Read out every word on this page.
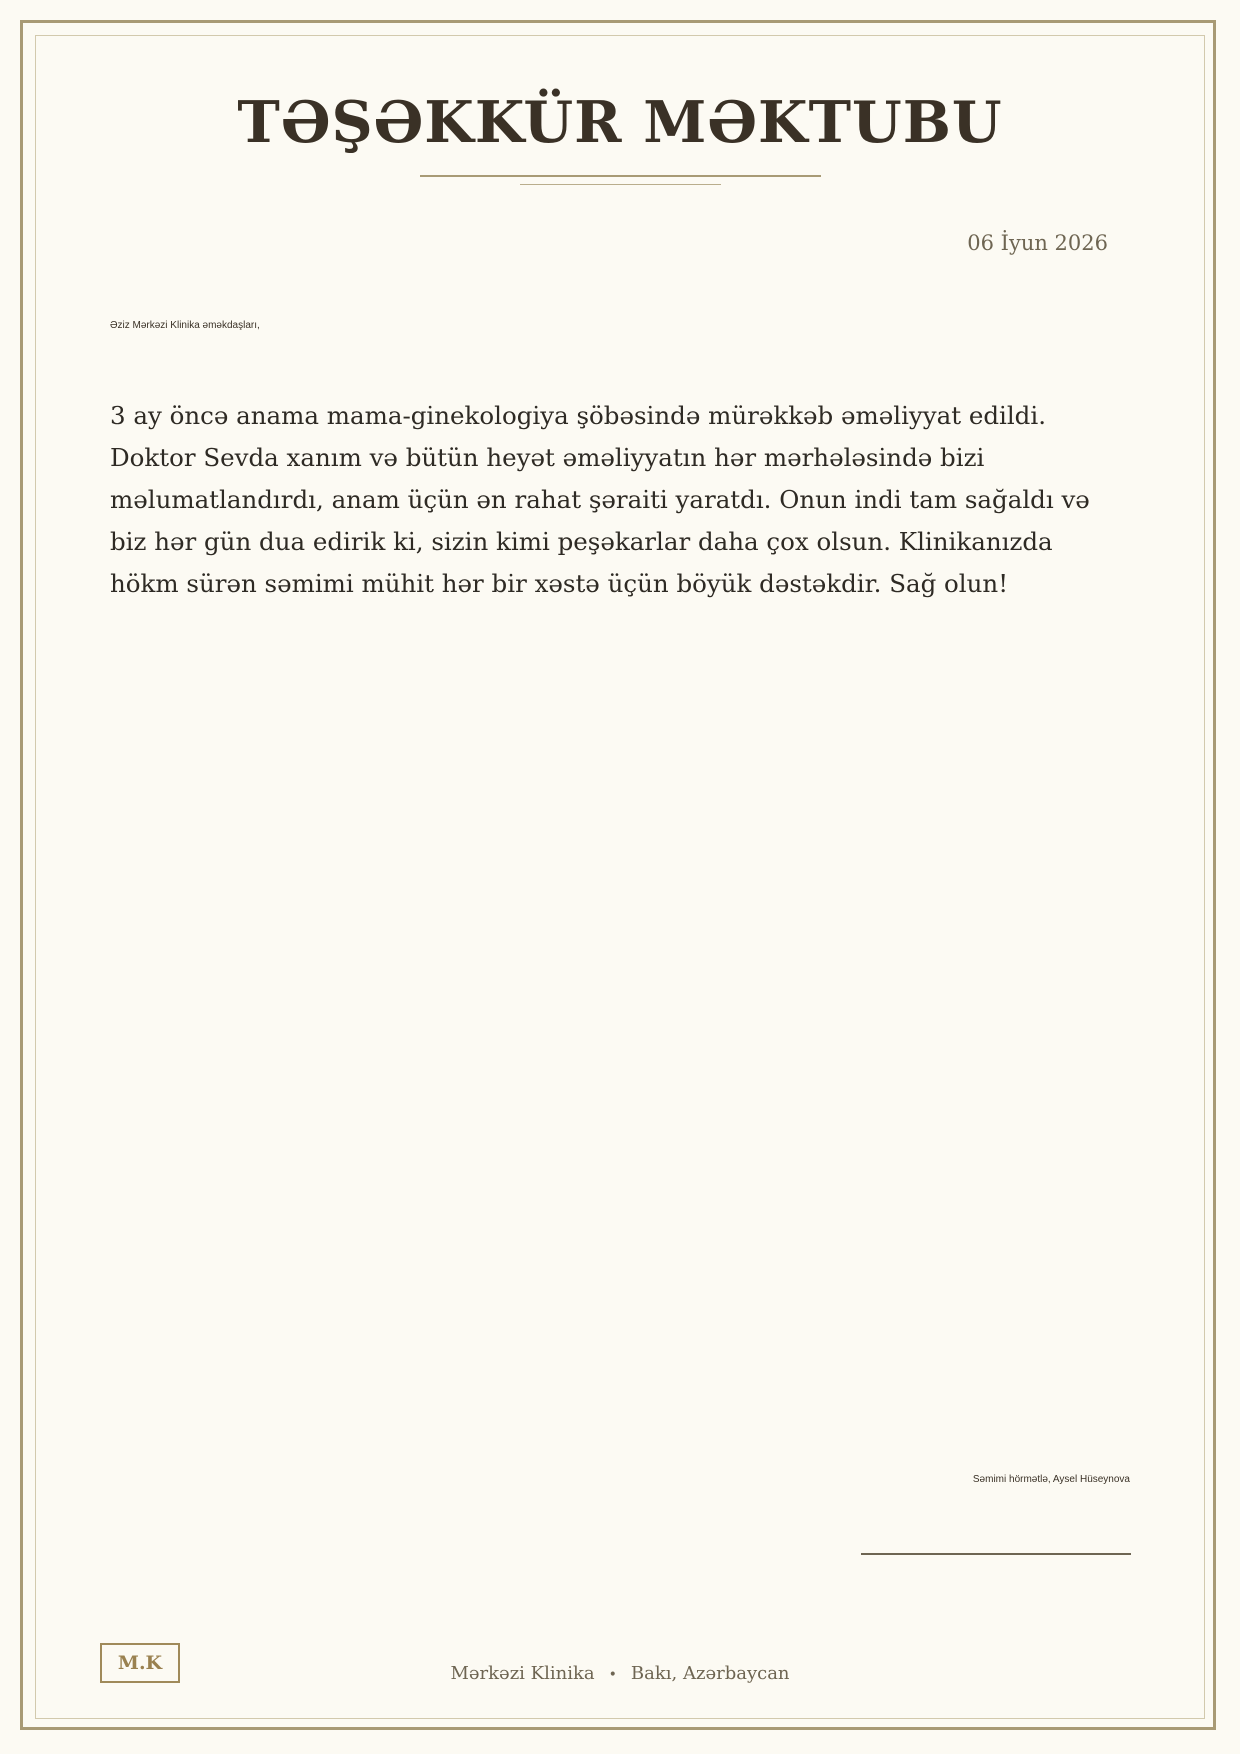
TƏŞƏKKÜR MƏKTUBU
06 İyun 2026
Əziz Mərkəzi Klinika əməkdaşları,

3 ay öncə anama mama-ginekologiya şöbəsində mürəkkəb əməliyyat edildi. Doktor Sevda xanım və bütün heyət əməliyyatın hər mərhələsində bizi məlumatlandırdı, anam üçün ən rahat şəraiti yaratdı. Onun indi tam sağaldı və biz hər gün dua edirik ki, sizin kimi peşəkarlar daha çox olsun. Klinikanızda hökm sürən səmimi mühit hər bir xəstə üçün böyük dəstəkdir. Sağ olun!

Səmimi hörmətlə, Aysel Hüseynova
M.K	Mərkəzi Klinika • Bakı, Azərbaycan
